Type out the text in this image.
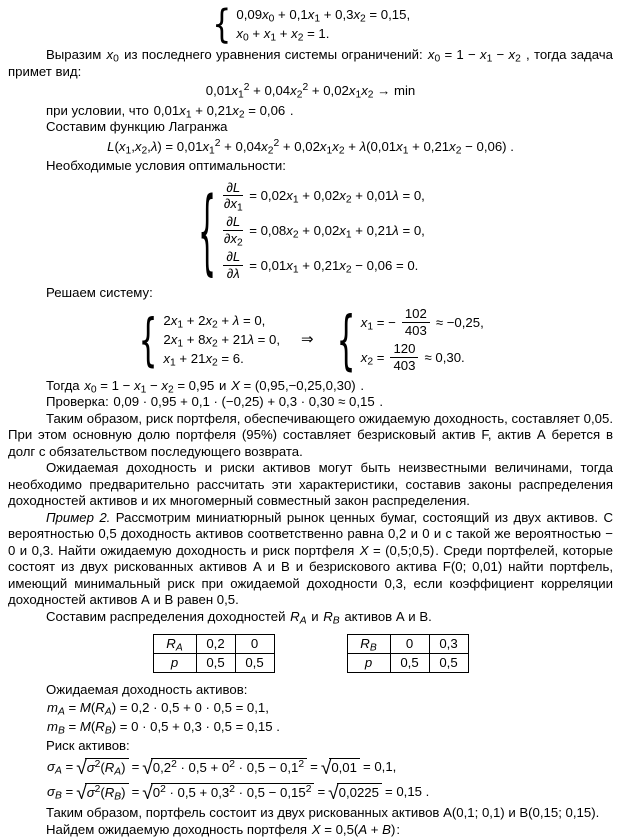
{ $0,09x_0 + 0,1x_1 + 0,3x_2 = 0,15$,
$x_0 + x_1 + x_2 = 1$.

Выразим $x_0$ из последнего уравнения системы ограничений: $x_0 = 1 - x_1 - x_2$ , тогда задача примет вид:

$0,01x_1^2 + 0,04x_2^2 + 0,02x_1x_2 \to \min$

при условии, что $0,01x_1 + 0,21x_2 = 0,06$ .

Составим функцию Лагранжа

$L(x_1,x_2,\lambda) = 0,01x_1^2 + 0,04x_2^2 + 0,02x_1x_2 + \lambda(0,01x_1 + 0,21x_2 - 0,06)$ .

Необходимые условия оптимальности:

{ $\frac{\partial L}{\partial x_1} = 0,02x_1 + 0,02x_2 + 0,01\lambda = 0$,
$\frac{\partial L}{\partial x_2} = 0,08x_2 + 0,02x_1 + 0,21\lambda = 0$,
$\frac{\partial L}{\partial\lambda} = 0,01x_1 + 0,21x_2 - 0,06 = 0$.

Решаем систему:

{ $2x_1 + 2x_2 + \lambda = 0$,
$2x_1 + 8x_2 + 21\lambda = 0$,
$x_1 + 21x_2 = 6$.
⇒ { $x_1$ = − $\frac{102}{403} \approx -0,25$,
$x_2 = \frac{120}{403} \approx 0,30$.

Тогда $x_0 = 1 - x_1 - x_2 = 0,95$ и X = (0,95,−0,25,0,30) .

Проверка: 0,09 · 0,95 + 0,1 · (−0,25) + 0,3 · 0,30 ≈ 0,15 .

Таким образом, риск портфеля, обеспечивающего ожидаемую доходность, составляет 0,05. При этом основную долю портфеля (95%) составляет безрисковый актив F, актив А берется в долг с обязательством последующего возврата.

Ожидаемая доходность и риски активов могут быть неизвестными величинами, тогда необходимо предварительно рассчитать эти характеристики, составив законы распределения доходностей активов и их многомерный совместный закон распределения.

Пример 2. Рассмотрим миниатюрный рынок ценных бумаг, состоящий из двух активов. С вероятностью 0,5 доходность активов соответственно равна 0,2 и 0 и с такой же вероятностью − 0 и 0,3. Найти ожидаемую доходность и риск портфеля X = (0,5;0,5). Среди портфелей, которые состоят из двух рискованных активов А и В и безрискового актива F(0; 0,01) найти портфель, имеющий минимальный риск при ожидаемой доходности 0,3, если коэффициент корреляции доходностей активов А и В равен 0,5.

Составим распределения доходностей $R_A$ и $R_B$ активов А и В.

$R_A$	0,2	0
p	0,5	0,5
$R_B$	0	0,3
p	0,5	0,5

Ожидаемая доходность активов:

$m_A = M(R_A) = 0,2 \cdot 0,5 + 0 \cdot 0,5 = 0,1$,
$m_B = M(R_B) = 0 \cdot 0,5 + 0,3 \cdot 0,5 = 0,15$ .

Риск активов:

$\sigma_A$ = √ $\sigma^2(R_A)$ = √ $0,2^2 \cdot 0,5 + 0^2 \cdot 0,5 - 0,1^2$ = √ 0,01 = 0,1,
$\sigma_B$ = √ $\sigma^2(R_B)$ = √ $0^2 \cdot 0,5 + 0,3^2 \cdot 0,5 - 0,15^2$ = √ 0,0225 = 0,15 .

Таким образом, портфель состоит из двух рискованных активов А(0,1; 0,1) и В(0,15; 0,15).

Найдем ожидаемую доходность портфеля X = 0,5(A + B):
